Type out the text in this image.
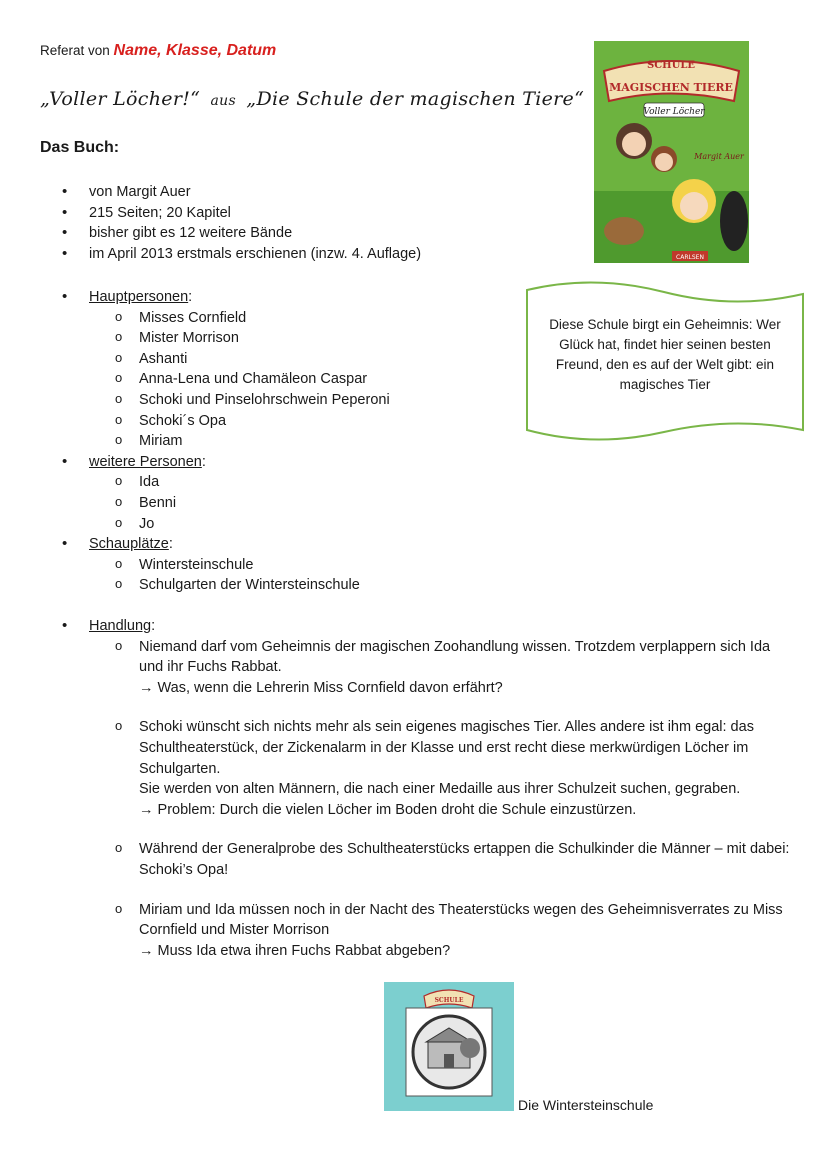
Referat von Name, Klasse, Datum
„Voller Löcher!“ aus „Die Schule der magischen Tiere“
Das Buch:
• von Margit Auer
• 215 Seiten; 20 Kapitel
• bisher gibt es 12 weitere Bände
• im April 2013 erstmals erschienen (inzw. 4. Auflage)
• Hauptpersonen:
o Misses Cornfield
o Mister Morrison
o Ashanti
o Anna-Lena und Chamäleon Caspar
o Schoki und Pinselohrschwein Peperoni
o Schoki´s Opa
o Miriam
• weitere Personen:
o Ida
o Benni
o Jo
• Schauplätze:
o Wintersteinschule
o Schulgarten der Wintersteinschule
• Handlung:
o Niemand darf vom Geheimnis der magischen Zoohandlung wissen. Trotzdem verplappern sich Ida und ihr Fuchs Rabbat.
→ Was, wenn die Lehrerin Miss Cornfield davon erfährt?
o Schoki wünscht sich nichts mehr als sein eigenes magisches Tier. Alles andere ist ihm egal: das Schultheaterstück, der Zickenalarm in der Klasse und erst recht diese merkwürdigen Löcher im Schulgarten.
Sie werden von alten Männern, die nach einer Medaille aus ihrer Schulzeit suchen, gegraben.
→ Problem: Durch die vielen Löcher im Boden droht die Schule einzustürzen.
o Während der Generalprobe des Schultheaterstücks ertappen die Schulkinder die Männer – mit dabei: Schoki’s Opa!
o Miriam und Ida müssen noch in der Nacht des Theaterstücks wegen des Geheimnisverrates zu Miss Cornfield und Mister Morrison
→ Muss Ida etwa ihren Fuchs Rabbat abgeben?
SCHULE
MAGISCHEN TIERE
Voller Löcher
Margit Auer
CARLSEN
Diese Schule birgt ein Geheimnis: Wer Glück hat, findet hier seinen besten Freund, den es auf der Welt gibt: ein magisches Tier
SCHULE
Die Wintersteinschule
